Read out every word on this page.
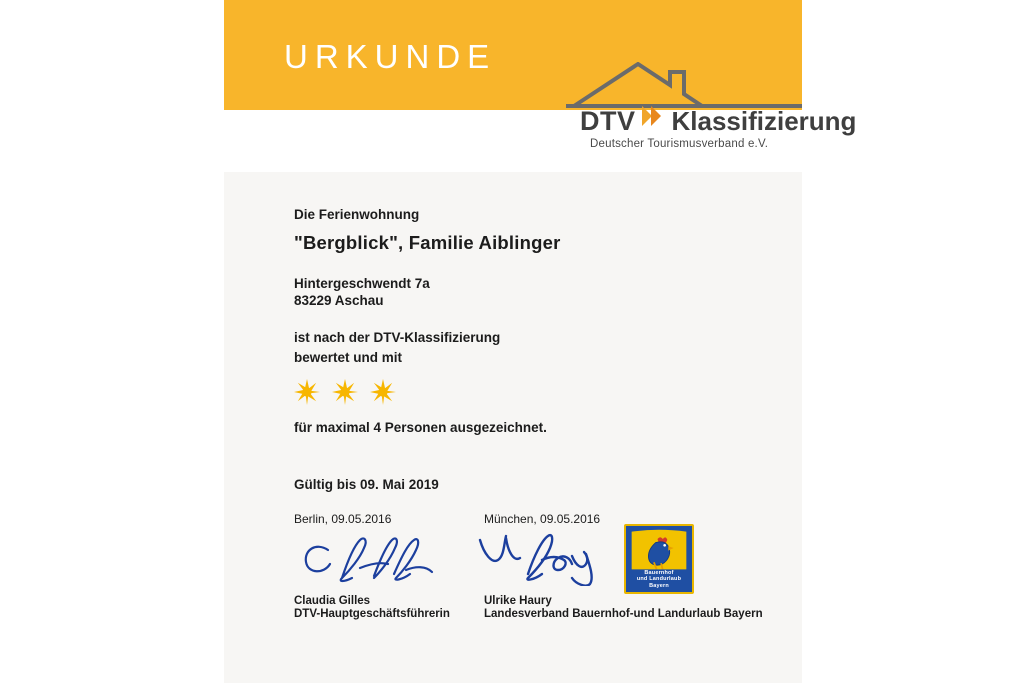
URKUNDE
DTV Klassifizierung
Deutscher Tourismusverband e.V.
Die Ferienwohnung
"Bergblick", Familie Aiblinger
Hintergeschwendt 7a
83229 Aschau
ist nach der DTV-Klassifizierung
bewertet und mit
für maximal 4 Personen ausgezeichnet.
Gültig bis 09. Mai 2019
Berlin, 09.05.2016
Claudia Gilles
DTV-Hauptgeschäftsführerin
München, 09.05.2016
Ulrike Haury
Landesverband Bauernhof-und Landurlaub Bayern
Bauernhof
und Landurlaub
Bayern
